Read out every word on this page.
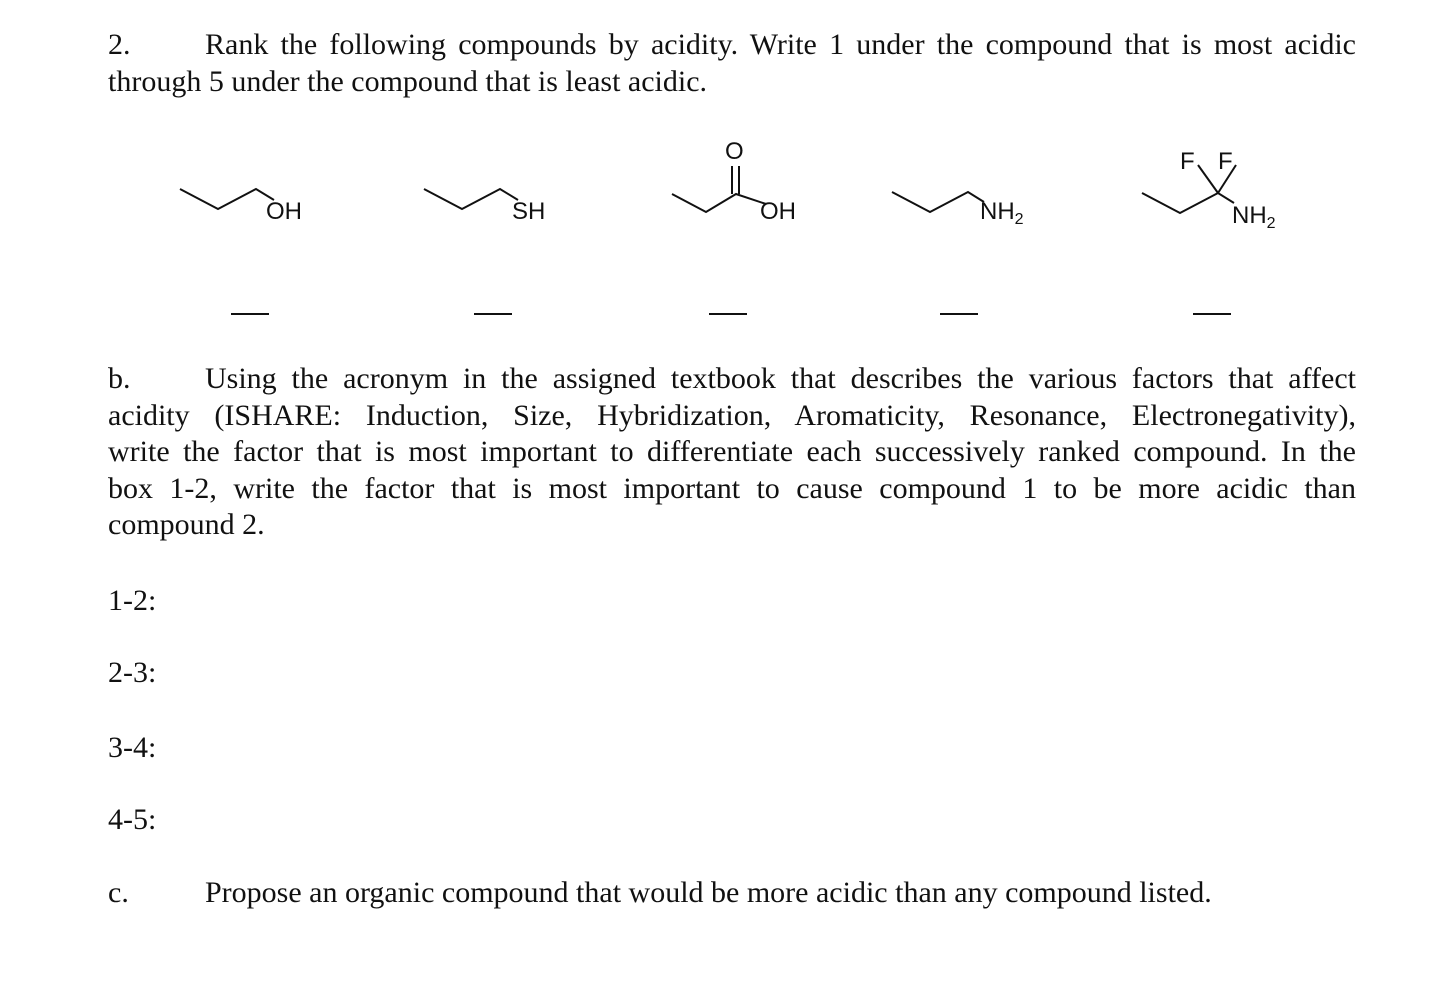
2. Rank the following compounds by acidity. Write 1 under the compound that is most acidic
through 5 under the compound that is least acidic.
OH	SH
O
OH	$NH_2$
F F
$NH_2$
b. Using the acronym in the assigned textbook that describes the various factors that affect
acidity (ISHARE: Induction, Size, Hybridization, Aromaticity, Resonance, Electronegativity),
write the factor that is most important to differentiate each successively ranked compound. In the
box 1-2, write the factor that is most important to cause compound 1 to be more acidic than
compound 2.
1-2:
2-3:
3-4:
4-5:
c.	Propose an organic compound that would be more acidic than any compound listed.
